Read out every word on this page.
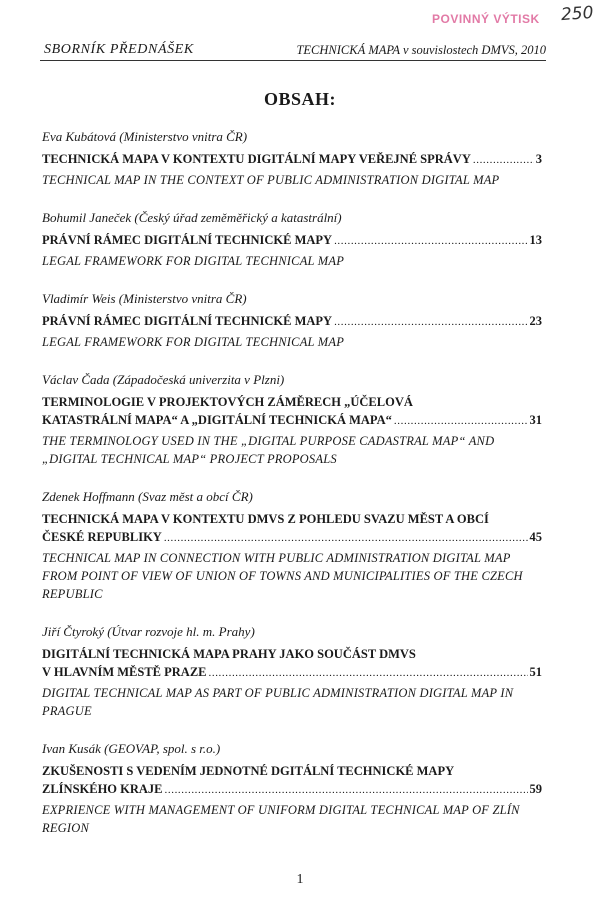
POVINNÝ VÝTISK 250
SBORNÍK PŘEDNÁŠEK	TECHNICKÁ MAPA v souvislostech DMVS, 2010
OBSAH:
Eva Kubátová (Ministerstvo vnitra ČR)
TECHNICKÁ MAPA V KONTEXTU DIGITÁLNÍ MAPY VEŘEJNÉ SPRÁVY .....	3
TECHNICAL MAP IN THE CONTEXT OF PUBLIC ADMINISTRATION DIGITAL MAP
Bohumil Janeček (Český úřad zeměměřický a katastrální)
PRÁVNÍ RÁMEC DIGITÁLNÍ TECHNICKÉ MAPY .....	13
LEGAL FRAMEWORK FOR DIGITAL TECHNICAL MAP
Vladimír Weis (Ministerstvo vnitra ČR)
PRÁVNÍ RÁMEC DIGITÁLNÍ TECHNICKÉ MAPY .....	23
LEGAL FRAMEWORK FOR DIGITAL TECHNICAL MAP
Václav Čada (Západočeská univerzita v Plzni)
TERMINOLOGIE V PROJEKTOVÝCH ZÁMĚRECH „ÚČELOVÁ
KATASTRÁLNÍ MAPA“ A „DIGITÁLNÍ TECHNICKÁ MAPA“ .....	31
THE TERMINOLOGY USED IN THE „DIGITAL PURPOSE CADASTRAL MAP“ AND „DIGITAL TECHNICAL MAP“ PROJECT PROPOSALS
Zdenek Hoffmann (Svaz měst a obcí ČR)
TECHNICKÁ MAPA V KONTEXTU DMVS Z POHLEDU SVAZU MĚST A OBCÍ
ČESKÉ REPUBLIKY .....	45
TECHNICAL MAP IN CONNECTION WITH PUBLIC ADMINISTRATION DIGITAL MAP FROM POINT OF VIEW OF UNION OF TOWNS AND MUNICIPALITIES OF THE CZECH REPUBLIC
Jiří Čtyroký (Útvar rozvoje hl. m. Prahy)
DIGITÁLNÍ TECHNICKÁ MAPA PRAHY JAKO SOUČÁST DMVS
V HLAVNÍM MĚSTĚ PRAZE .....	51
DIGITAL TECHNICAL MAP AS PART OF PUBLIC ADMINISTRATION DIGITAL MAP IN PRAGUE
Ivan Kusák (GEOVAP, spol. s r.o.)
ZKUŠENOSTI S VEDENÍM JEDNOTNÉ DGITÁLNÍ TECHNICKÉ MAPY
ZLÍNSKÉHO KRAJE .....	59
EXPRIENCE WITH MANAGEMENT OF UNIFORM DIGITAL TECHNICAL MAP OF ZLÍN REGION
1
